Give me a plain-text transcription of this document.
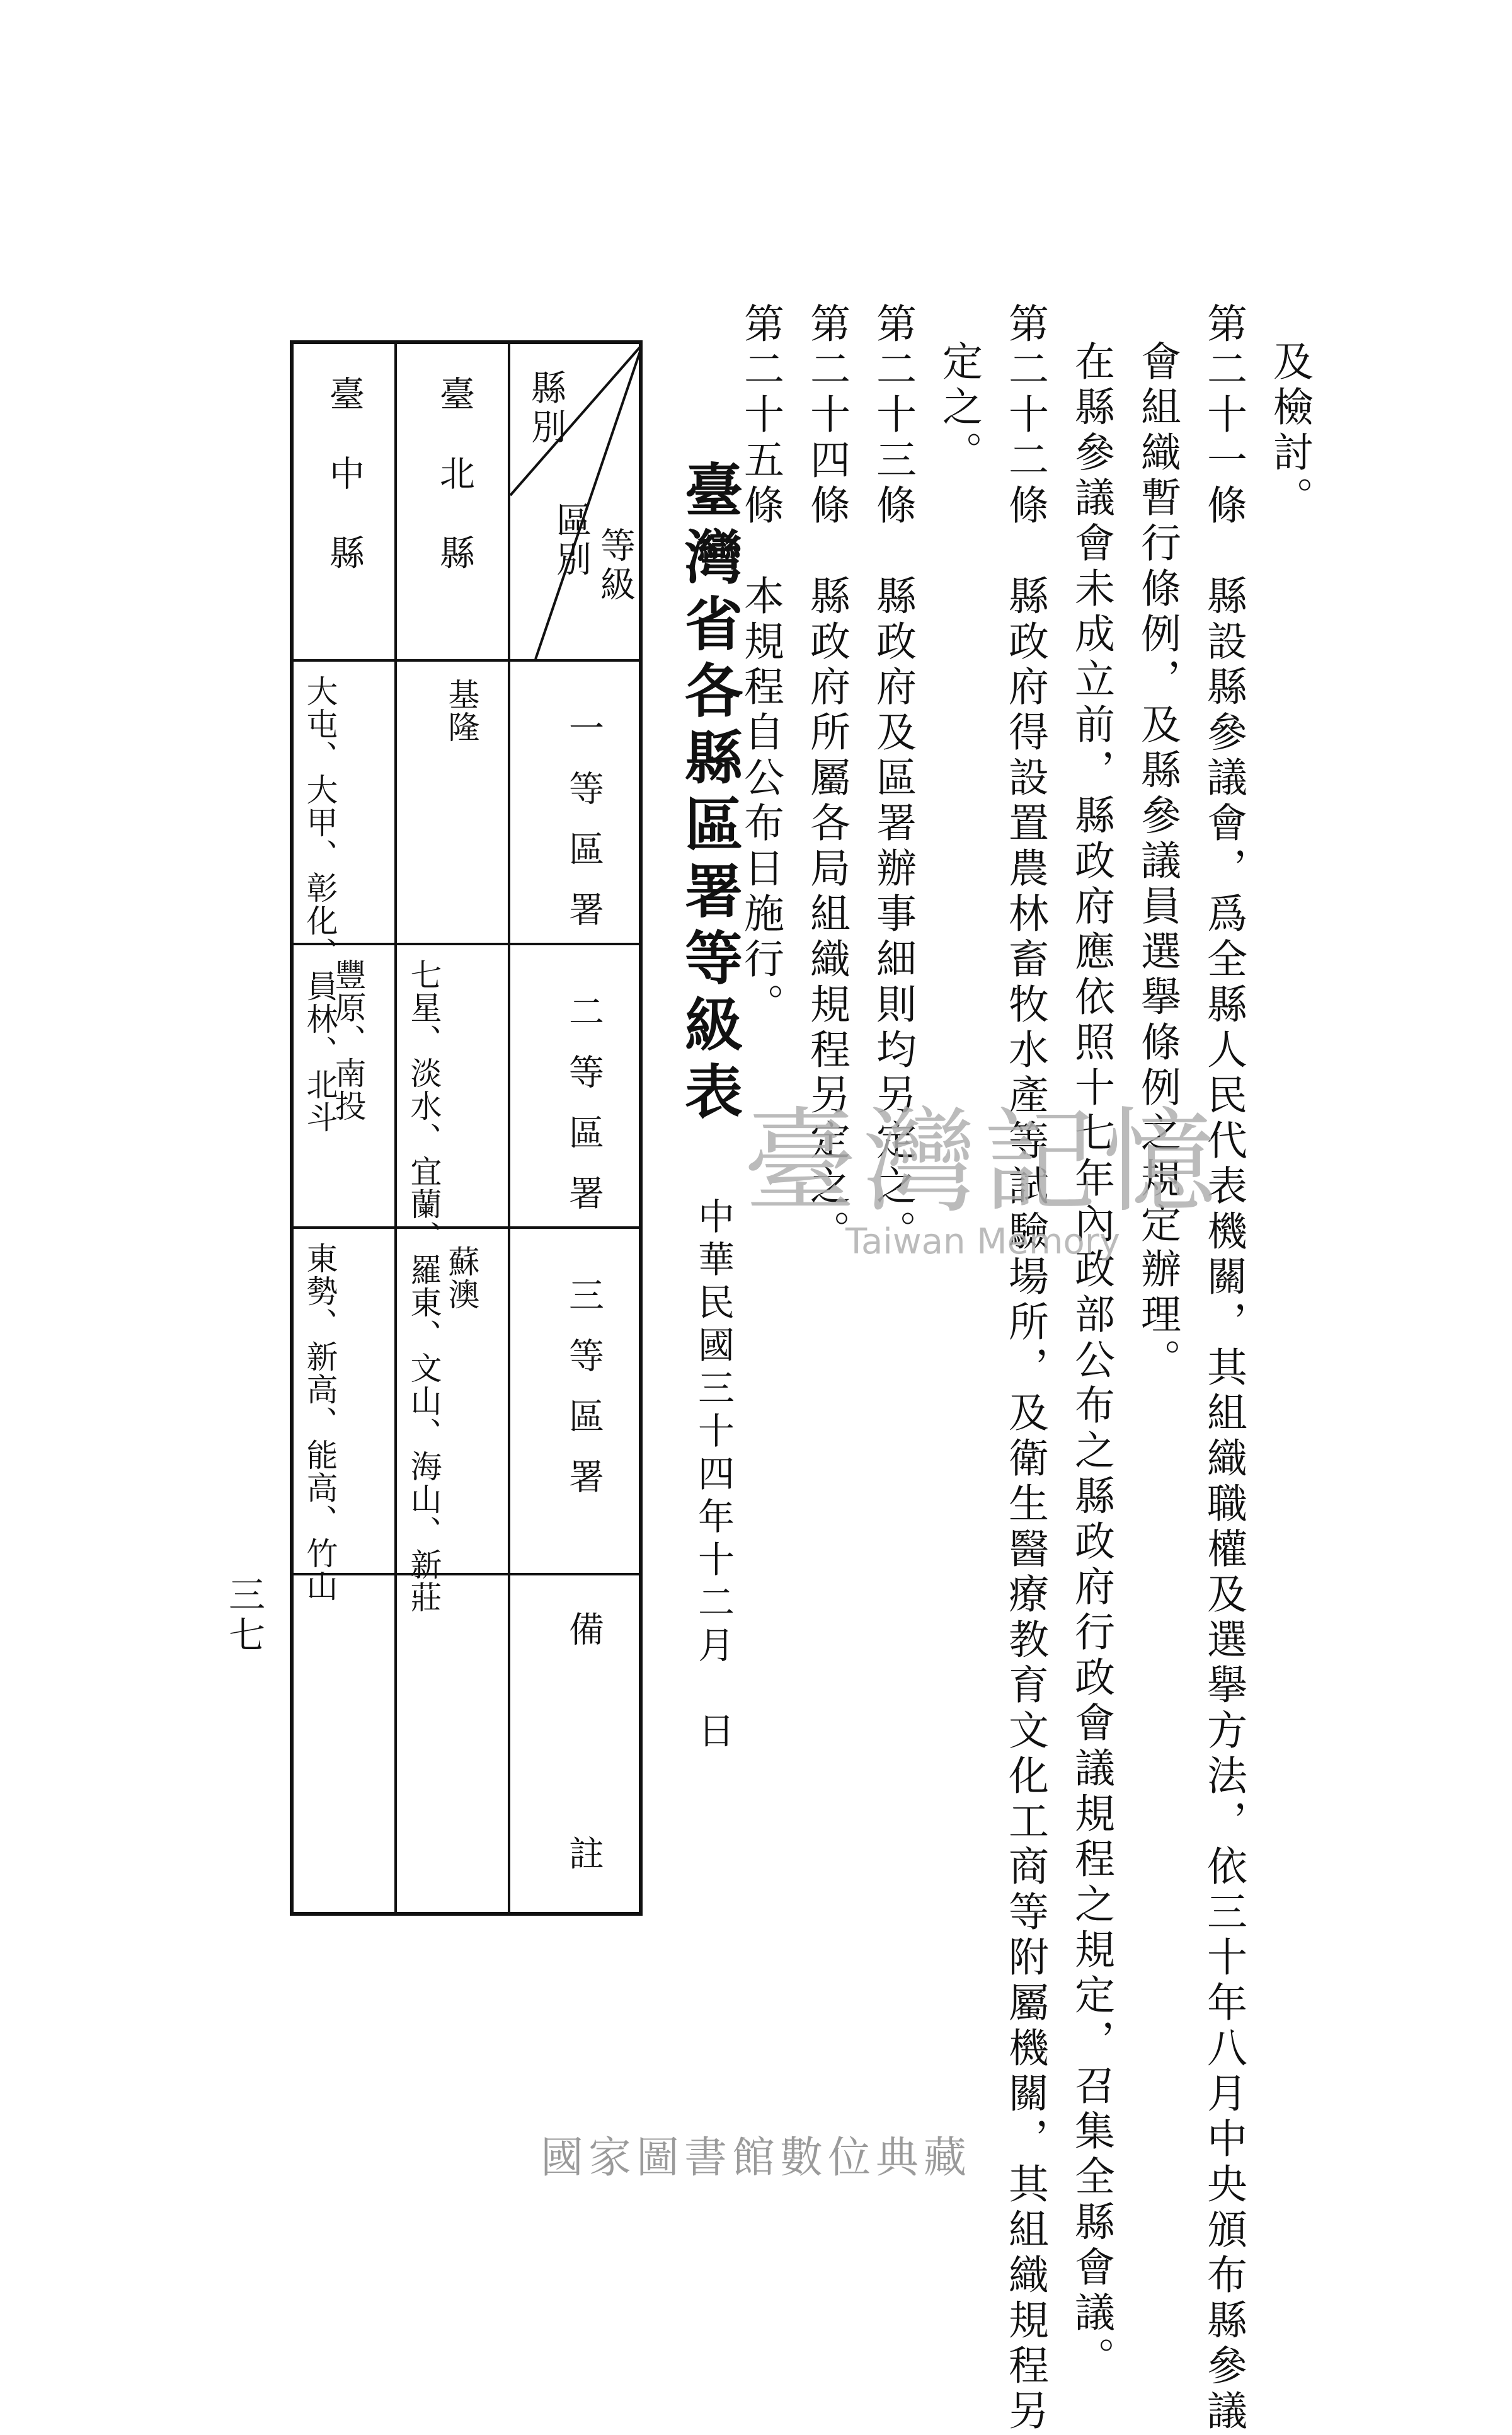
及檢討。
第二十一條　縣設縣參議會，爲全縣人民代表機關，其組織職權及選擧方法，依三十年八月中央頒布縣參議
會組織暫行條例，及縣參議員選擧條例之規定辦理。
在縣參議會未成立前，縣政府應依照十七年內政部公布之縣政府行政會議規程之規定，召集全縣會議。
第二十二條　縣政府得設置農林畜牧水產等試驗場所，及衛生醫療教育文化工商等附屬機關，其組織規程另
定之。
第二十三條　縣政府及區署辦事細則均另定之。
第二十四條　縣政府所屬各局組織規程另定之。
第二十五條　本規程自公布日施行。
臺灣省各縣區署等級表
中華民國三十四年十二月　日
等級
區別
縣別
一等區署
二等區署
三等區署
備註
臺北縣
基隆
七星、淡水、宜蘭、羅東、文山、海山、新莊 蘇澳
臺中縣
大屯、大甲、彰化、員林、北斗
豐原、南投
東勢、新高、能高、竹山
三七
臺灣記憶
Taiwan Memory
國家圖書館數位典藏
